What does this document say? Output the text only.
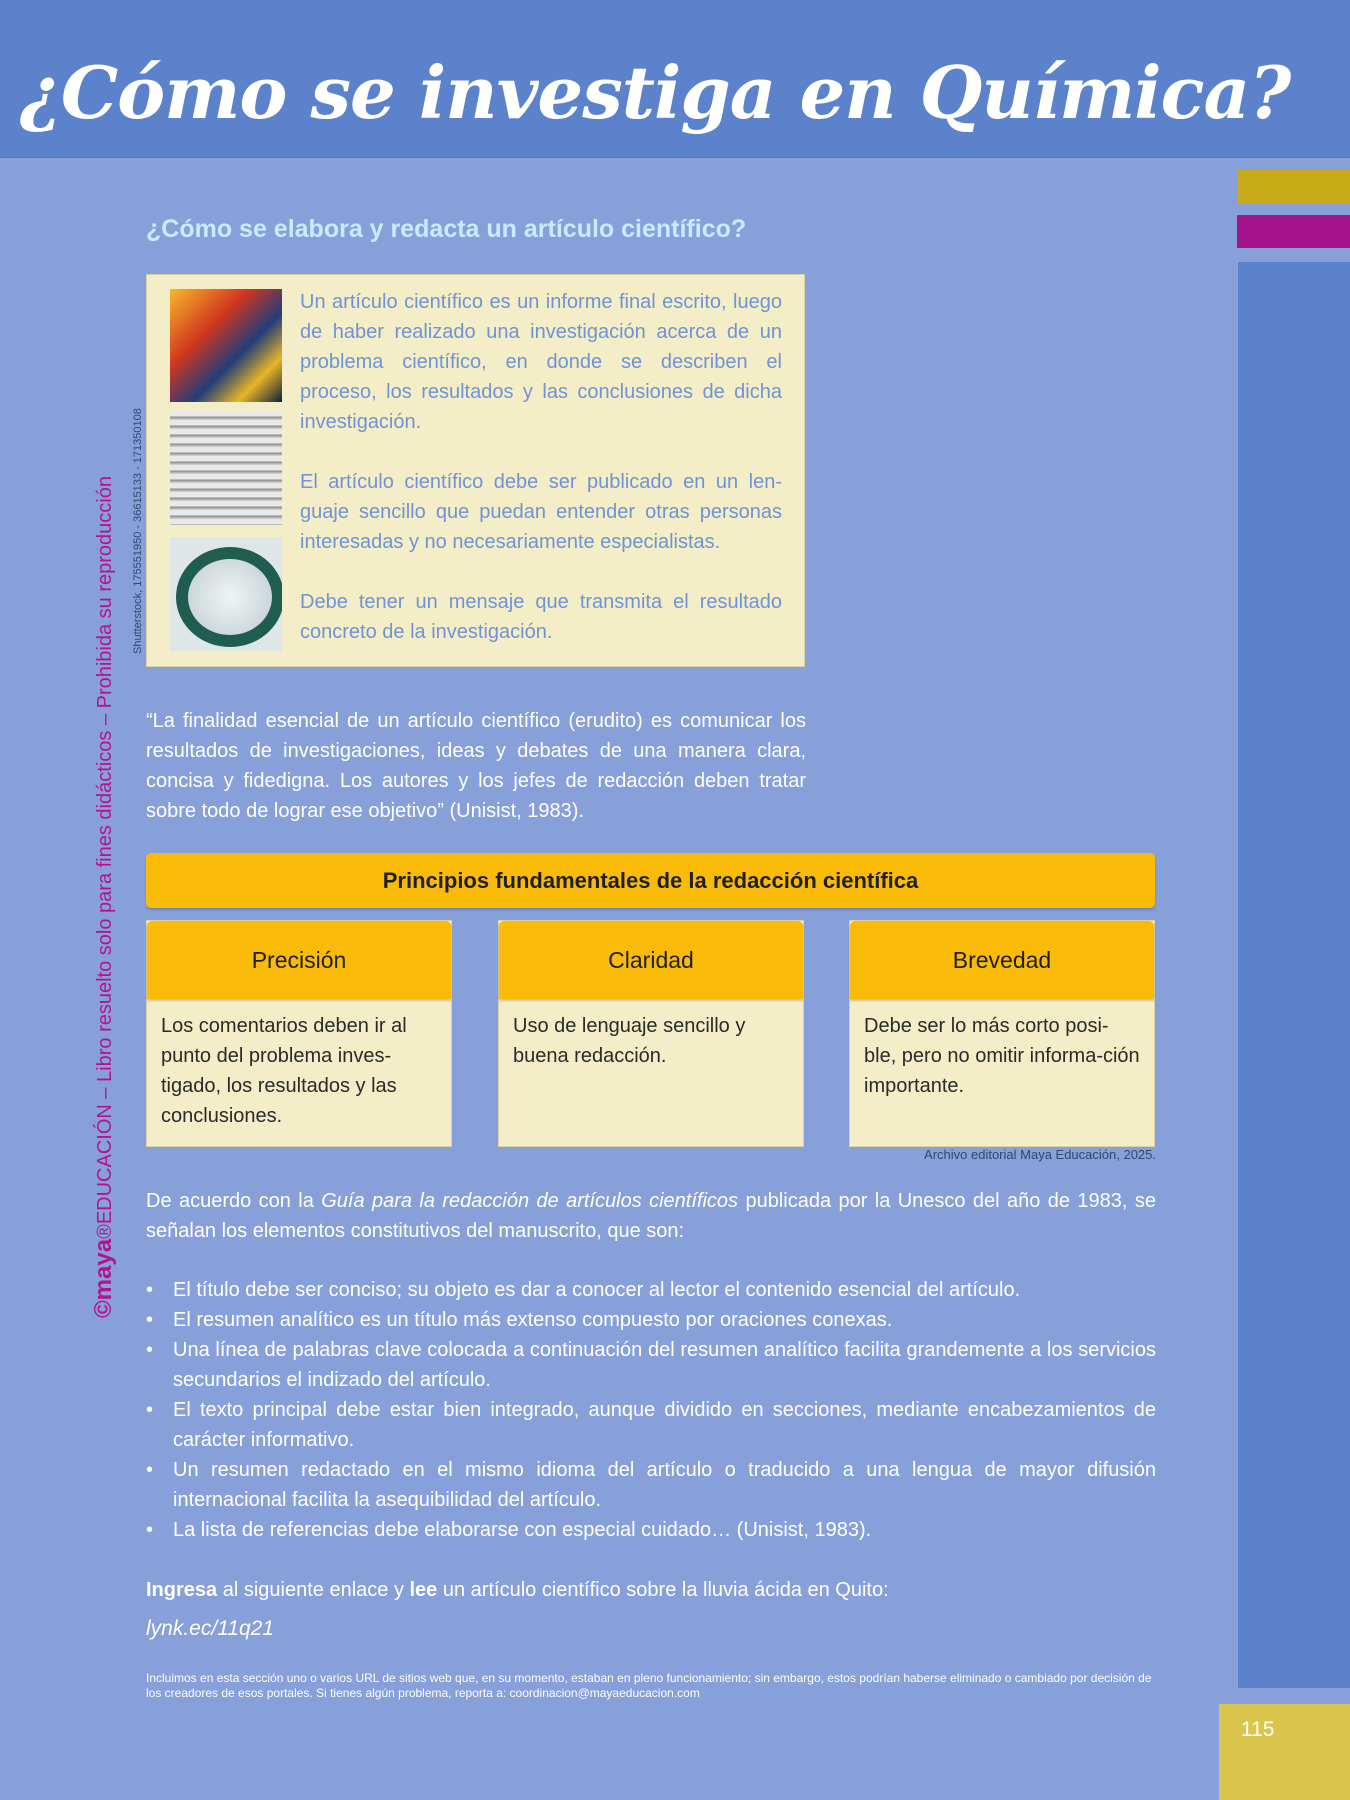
¿Cómo se investiga en Química?
©maya®EDUCACIÓN – Libro resuelto solo para fines didácticos – Prohibida su reproducción	Shutterstock, 175551950 - 36615133 - 171350108
¿Cómo se elabora y redacta un artículo científico?

Un artículo científico es un informe final escrito, luego de haber realizado una investigación acerca de un problema científico, en donde se describen el proceso, los resultados y las conclusiones de dicha investigación.

El artículo científico debe ser publicado en un len-guaje sencillo que puedan entender otras personas interesadas y no necesariamente especialistas.

Debe tener un mensaje que transmita el resultado concreto de la investigación.

“La finalidad esencial de un artículo científico (erudito) es comunicar los resultados de investigaciones, ideas y debates de una manera clara, concisa y fidedigna. Los autores y los jefes de redacción deben tratar sobre todo de lograr ese objetivo” (Unisist, 1983).
Principios fundamentales de la redacción científica
Precisión
Los comentarios deben ir al punto del problema inves-tigado, los resultados y las conclusiones.
Claridad
Uso de lenguaje sencillo y buena redacción.
Brevedad
Debe ser lo más corto posi-ble, pero no omitir informa-ción importante.
Archivo editorial Maya Educación, 2025.
De acuerdo con la Guía para la redacción de artículos científicos publicada por la Unesco del año de 1983, se señalan los elementos constitutivos del manuscrito, que son:
• El título debe ser conciso; su objeto es dar a conocer al lector el contenido esencial del artículo.
• El resumen analítico es un título más extenso compuesto por oraciones conexas.
• Una línea de palabras clave colocada a continuación del resumen analítico facilita grandemente a los servicios secundarios el indizado del artículo.
• El texto principal debe estar bien integrado, aunque dividido en secciones, mediante encabezamientos de carácter informativo.
• Un resumen redactado en el mismo idioma del artículo o traducido a una lengua de mayor difusión internacional facilita la asequibilidad del artículo.
• La lista de referencias debe elaborarse con especial cuidado… (Unisist, 1983).
Ingresa al siguiente enlace y lee un artículo científico sobre la lluvia ácida en Quito:
lynk.ec/11q21
Incluimos en esta sección uno o varios URL de sitios web que, en su momento, estaban en pleno funcionamiento; sin embargo, estos podrían haberse eliminado o cambiado por decisión de los creadores de esos portales. Si tienes algún problema, reporta a: coordinacion@mayaeducacion.com
115
